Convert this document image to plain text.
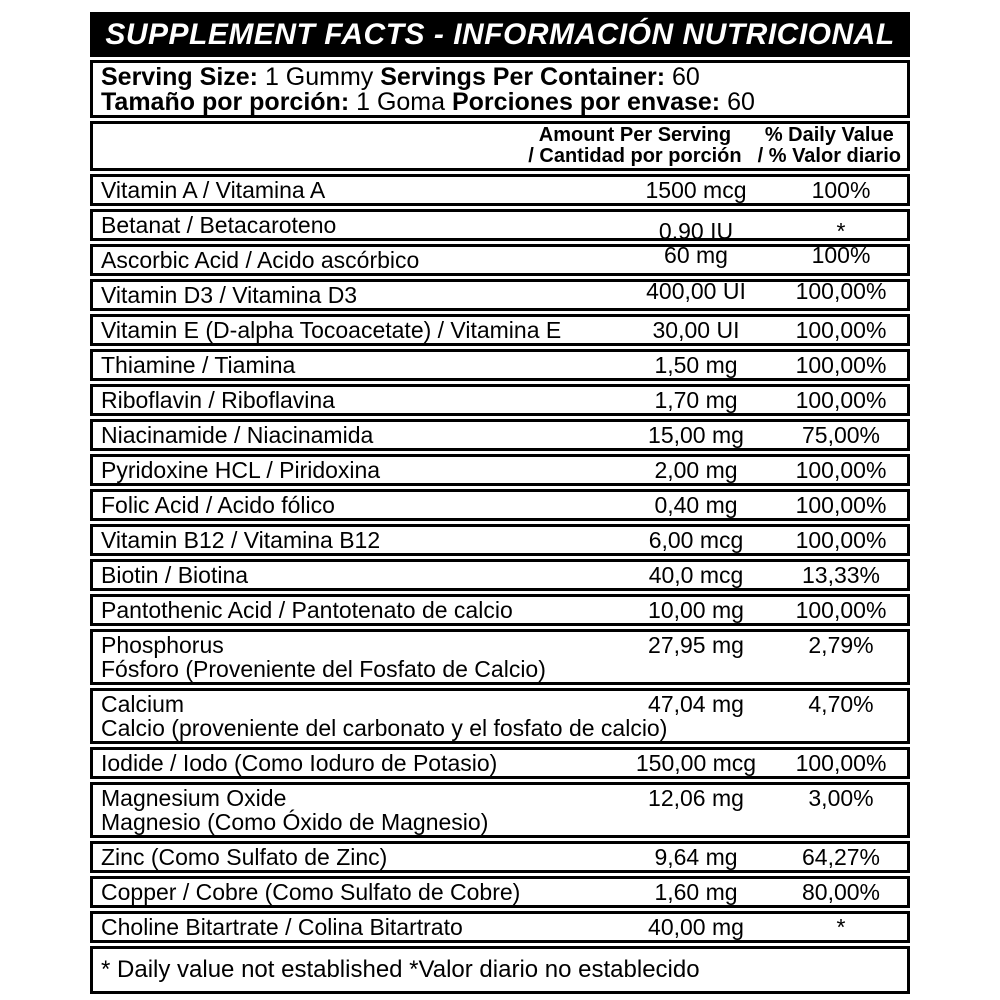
SUPPLEMENT FACTS - INFORMACIÓN NUTRICIONAL
Serving Size: 1 Gummy Servings Per Container: 60
Tamaño por porción: 1 Goma Porciones por envase: 60
Amount Per Serving
/ Cantidad por porción
% Daily Value
/ % Valor diario
Vitamin A / Vitamina A	1500 mcg	100%
Betanat / Betacaroteno	0.90 IU	*
Ascorbic Acid / Acido ascórbico	60 mg	100%
Vitamin D3 / Vitamina D3	400,00 UI	100,00%
Vitamin E (D-alpha Tocoacetate) / Vitamina E	30,00 UI	100,00%
Thiamine / Tiamina	1,50 mg	100,00%
Riboflavin / Riboflavina	1,70 mg	100,00%
Niacinamide / Niacinamida	15,00 mg	75,00%
Pyridoxine HCL / Piridoxina	2,00 mg	100,00%
Folic Acid / Acido fólico	0,40 mg	100,00%
Vitamin B12 / Vitamina B12	6,00 mcg	100,00%
Biotin / Biotina	40,0 mcg	13,33%
Pantothenic Acid / Pantotenato de calcio	10,00 mg	100,00%
Phosphorus	27,95 mg	2,79%
Fósforo (Proveniente del Fosfato de Calcio)
Calcium	47,04 mg	4,70%
Calcio (proveniente del carbonato y el fosfato de calcio)
Iodide / Iodo (Como Ioduro de Potasio)	150,00 mcg	100,00%
Magnesium Oxide	12,06 mg	3,00%
Magnesio (Como Óxido de Magnesio)
Zinc (Como Sulfato de Zinc)	9,64 mg	64,27%
Copper / Cobre (Como Sulfato de Cobre)	1,60 mg	80,00%
Choline Bitartrate / Colina Bitartrato	40,00 mg	*
* Daily value not established *Valor diario no establecido
